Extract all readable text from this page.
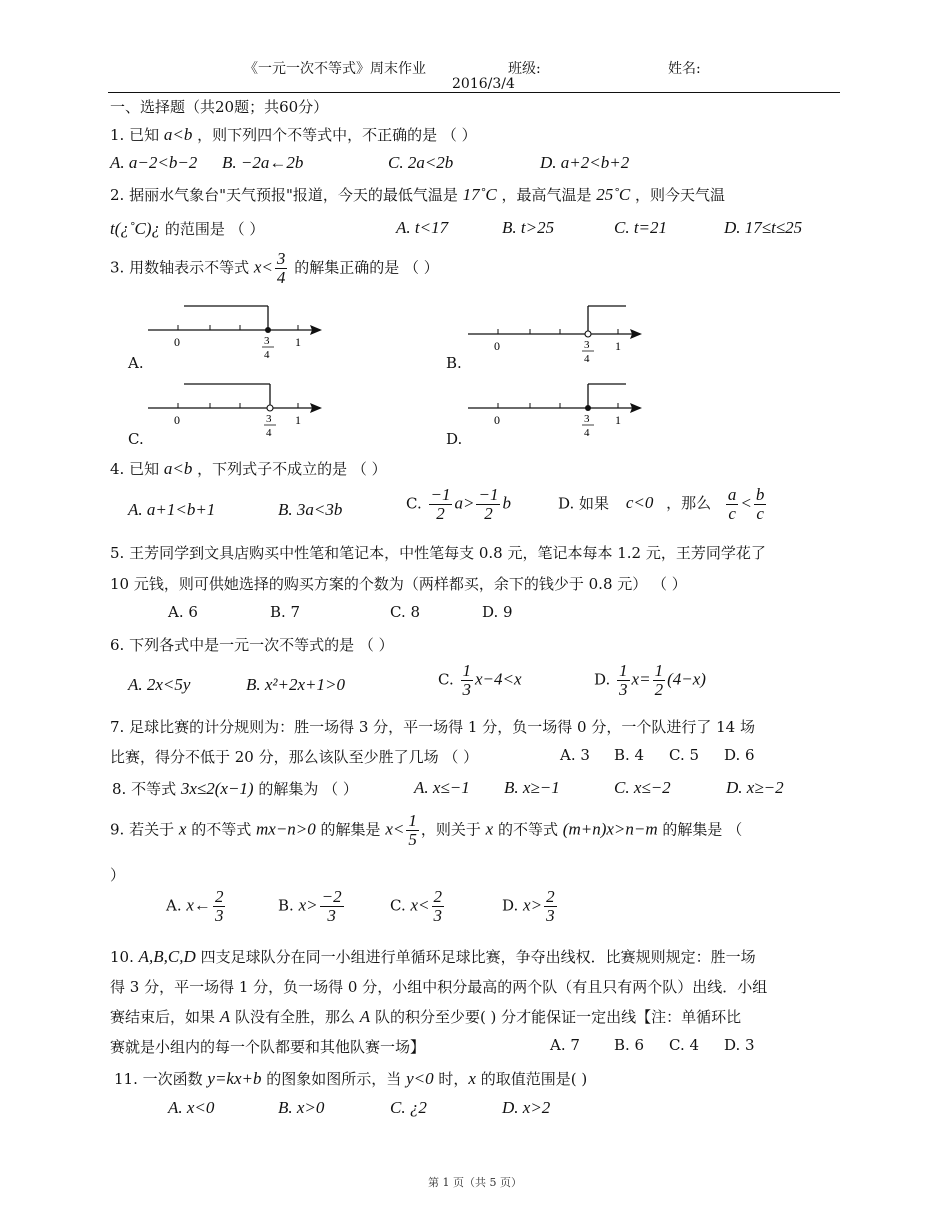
《一元一次不等式》周末作业	班级:	姓名:
2016/3/4
一、选择题（共20题；共60分）
1. 已知 a<b ，则下列四个不等式中，不正确的是 （ ）
A. a−2<b−2 B. −2a←2b	C. 2a<2b	D. a+2<b+2
2. 据丽水气象台"天气预报"报道，今天的最低气温是 17˚C ，最高气温是 25˚C ，则今天气温
t(¿˚C)¿ 的范围是 （ ）	A. t<17	B. t>25	C. t=21	D. 17≤t≤25
3. 用数轴表示不等式 $x< \frac{3}{4}$ 的解集正确的是 （ ）
0	3
4
1
A.
0	3
4
1
B.
0	3
4
1
C.
0	3
4
1
D.
4. 已知 a<b ，下列式子不成立的是 （ ）
A. a+1<b+1	B. 3a<3b	C. $\frac{-1}{2} a> \frac{-1}{2}$ b	D. 如果 c<0 ，那么 $\frac{a}{c} < \frac{b}{c}$
5. 王芳同学到文具店购买中性笔和笔记本，中性笔每支 0.8 元，笔记本每本 1.2 元，王芳同学花了
10 元钱，则可供她选择的购买方案的个数为（两样都买，余下的钱少于 0.8 元） （ ）
A. 6	B. 7	C. 8	D. 9
6. 下列各式中是一元一次不等式的是 （ ）
A. 2x<5y	B. x²+2x+1>0	C. $\frac{1}{3} x-4<x$	D. $\frac{1}{3} x= \frac{1}{2} (4-x)$
7. 足球比赛的计分规则为：胜一场得 3 分，平一场得 1 分，负一场得 0 分，一个队进行了 14 场
比赛，得分不低于 20 分，那么该队至少胜了几场 （ ）	A. 3 B. 4 C. 5 D. 6
8. 不等式 3x≤2(x−1) 的解集为 （ ）	A. x≤−1 B. x≥−1	C. x≤−2	D. x≥−2
9. 若关于 x 的不等式 mx−n>0 的解集是 $x< \frac{1}{5}$ ，则关于 x 的不等式 (m+n)x>n−m 的解集是 （
）
A. x← $\frac{2}{3}$	B. $x> \frac{-2}{3}$	C. $x< \frac{2}{3}$	D. $x> \frac{2}{3}$
10. A,B,C,D 四支足球队分在同一小组进行单循环足球比赛，争夺出线权．比赛规则规定：胜一场
得 3 分，平一场得 1 分，负一场得 0 分，小组中积分最高的两个队（有且只有两个队）出线．小组
赛结束后，如果 A 队没有全胜，那么 A 队的积分至少要( ) 分才能保证一定出线【注：单循环比
赛就是小组内的每一个队都要和其他队赛一场】	A. 7 B. 6 C. 4 D. 3
11. 一次函数 y=kx+b 的图象如图所示，当 y<0 时，x 的取值范围是( )
A. x<0	B. x>0	C. ¿2	D. x>2
第 1 页（共 5 页）
